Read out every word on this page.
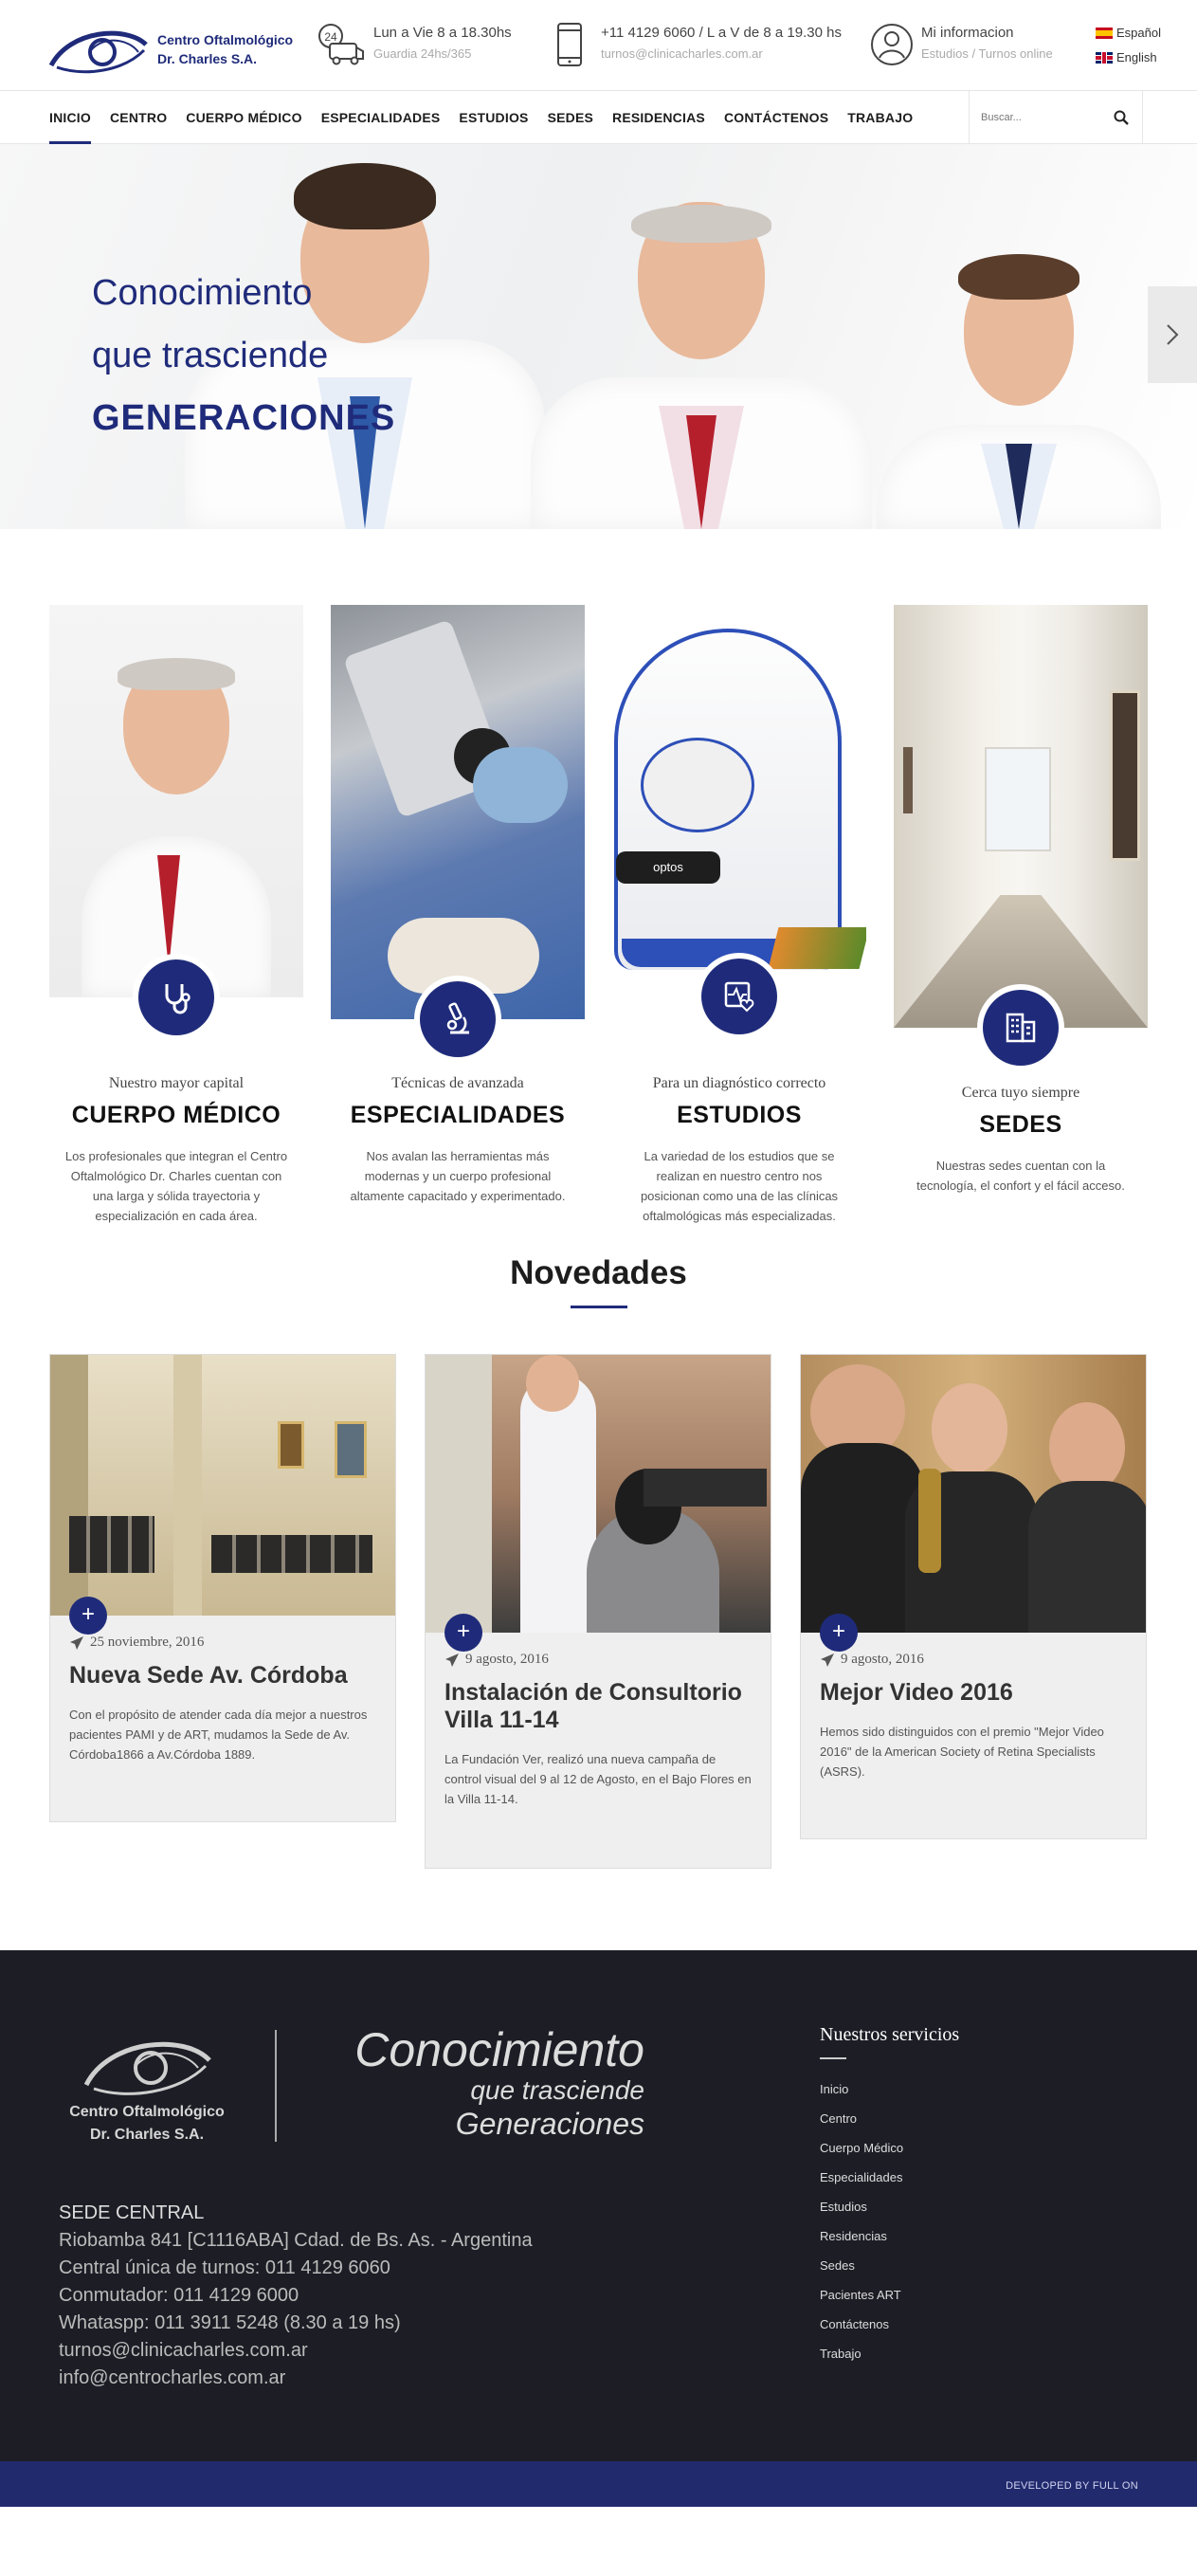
Centro Oftalmológico
Dr. Charles S.A.
24	Lun a Vie 8 a 18.30hs
Guardia 24hs/365
+11 4129 6060 / L a V de 8 a 19.30 hs
turnos@clinicacharles.com.ar
Mi informacion
Estudios / Turnos online
Español
English
INICIO CENTRO CUERPO MÉDICO ESPECIALIDADES ESTUDIOS SEDES RESIDENCIAS CONTÁCTENOS TRABAJO
Buscar...
Conocimiento
que trasciende
GENERACIONES
Nuestro mayor capital
CUERPO MÉDICO

Los profesionales que integran el Centro Oftalmológico Dr. Charles cuentan con una larga y sólida trayectoria y especialización en cada área.

Técnicas de avanzada
ESPECIALIDADES

Nos avalan las herramientas más modernas y un cuerpo profesional altamente capacitado y experimentado.

optos
Para un diagnóstico correcto
ESTUDIOS

La variedad de los estudios que se realizan en nuestro centro nos posicionan como una de las clínicas oftalmológicas más especializadas.

Cerca tuyo siempre
SEDES

Nuestras sedes cuentan con la tecnología, el confort y el fácil acceso.

Novedades
+
25 noviembre, 2016
Nueva Sede Av. Córdoba

Con el propósito de atender cada día mejor a nuestros pacientes PAMI y de ART, mudamos la Sede de Av. Córdoba1866 a Av.Córdoba 1889.

+
9 agosto, 2016
Instalación de Consultorio Villa 11-14

La Fundación Ver, realizó una nueva campaña de control visual del 9 al 12 de Agosto, en el Bajo Flores en la Villa 11-14.

+
9 agosto, 2016
Mejor Video 2016

Hemos sido distinguidos con el premio "Mejor Video 2016" de la American Society of Retina Specialists (ASRS).

Centro Oftalmológico
Dr. Charles S.A.
Conocimiento
que trasciende
Generaciones
SEDE CENTRAL
Riobamba 841 [C1116ABA] Cdad. de Bs. As. - Argentina
Central única de turnos: 011 4129 6060
Conmutador: 011 4129 6000
Whataspp: 011 3911 5248 (8.30 a 19 hs)
turnos@clinicacharles.com.ar
info@centrocharles.com.ar
Nuestros servicios
Inicio
Centro
Cuerpo Médico
Especialidades
Estudios
Residencias
Sedes
Pacientes ART
Contáctenos
Trabajo
DEVELOPED BY FULL ON
